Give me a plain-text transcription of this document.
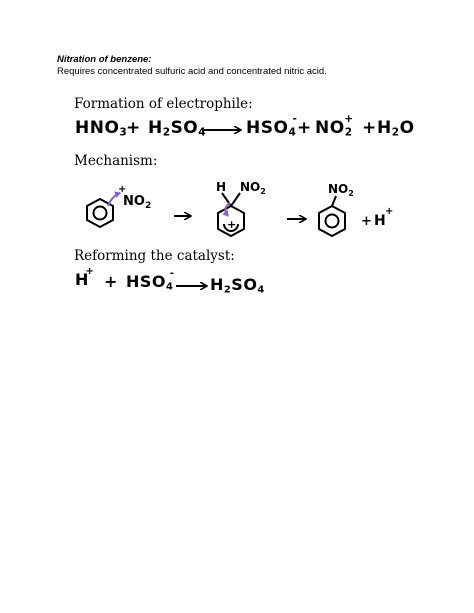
Nitration of benzene:
Requires concentrated sulfuric acid and concentrated nitric acid.
Formation of electrophile:
$HNO_3$
+ $H_2SO_4$ $HSO_4$
- + $NO_2$
+ + $H_2O$
Mechanism:
Reforming the catalyst:
H
+
+ $HSO_4$
-
$H_2SO_4$
$NO_2$
+	H $NO_2$
+
$NO_2$
+ H
+
